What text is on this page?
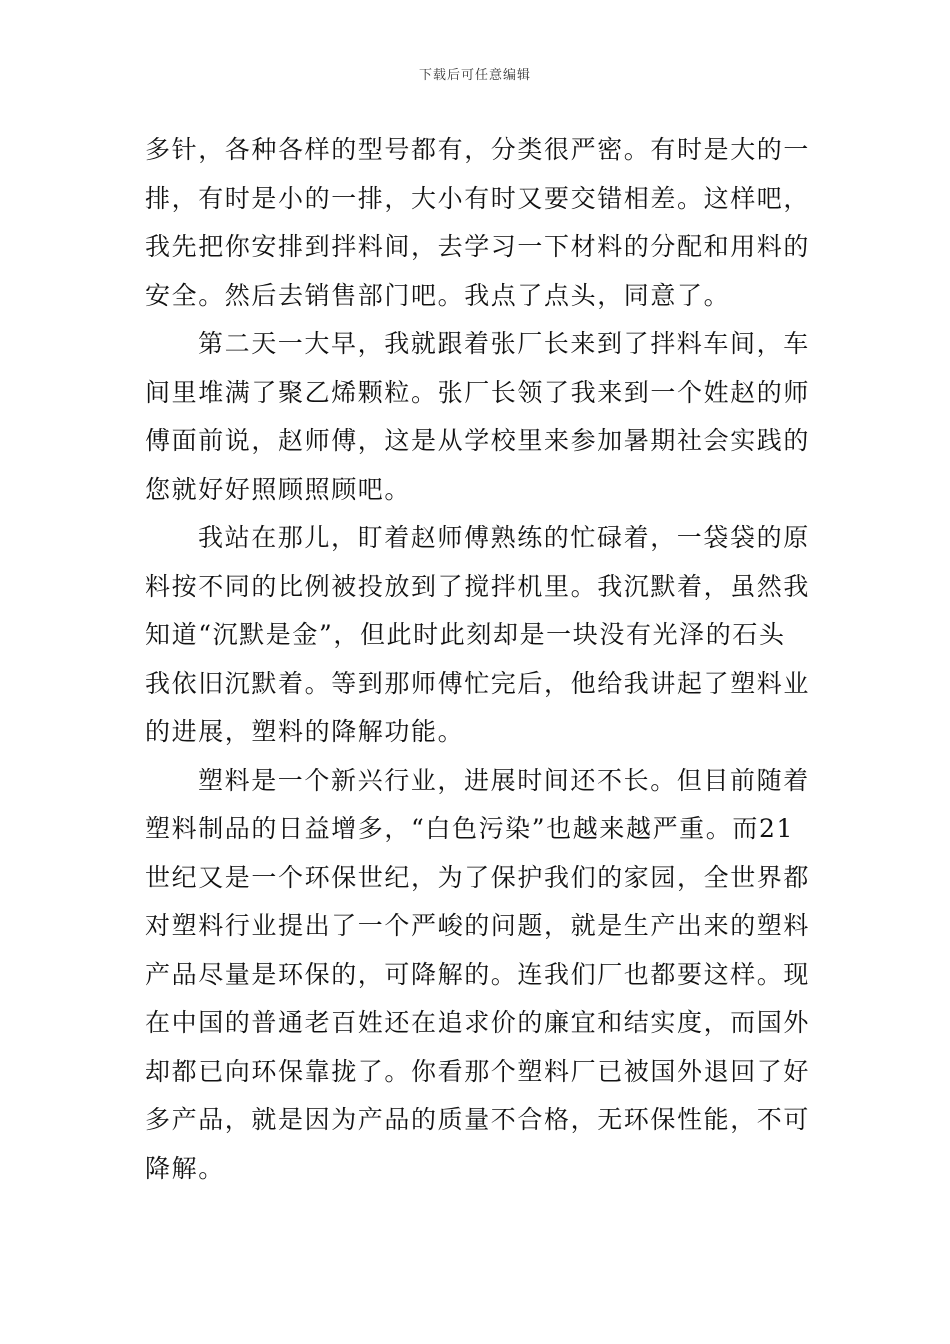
下载后可任意编辑
多针，各种各样的型号都有，分类很严密。有时是大的一
排，有时是小的一排，大小有时又要交错相差。这样吧，
我先把你安排到拌料间，去学习一下材料的分配和用料的
安全。然后去销售部门吧。我点了点头，同意了。
第二天一大早，我就跟着张厂长来到了拌料车间，车
间里堆满了聚乙烯颗粒。张厂长领了我来到一个姓赵的师
傅面前说，赵师傅，这是从学校里来参加暑期社会实践的
您就好好照顾照顾吧。
我站在那儿，盯着赵师傅熟练的忙碌着，一袋袋的原
料按不同的比例被投放到了搅拌机里。我沉默着，虽然我
知道“沉默是金”，但此时此刻却是一块没有光泽的石头
我依旧沉默着。等到那师傅忙完后，他给我讲起了塑料业
的进展，塑料的降解功能。
塑料是一个新兴行业，进展时间还不长。但目前随着
塑料制品的日益增多，“白色污染”也越来越严重。而21
世纪又是一个环保世纪，为了保护我们的家园，全世界都
对塑料行业提出了一个严峻的问题，就是生产出来的塑料
产品尽量是环保的，可降解的。连我们厂也都要这样。现
在中国的普通老百姓还在追求价的廉宜和结实度，而国外
却都已向环保靠拢了。你看那个塑料厂已被国外退回了好
多产品，就是因为产品的质量不合格，无环保性能，不可
降解。
